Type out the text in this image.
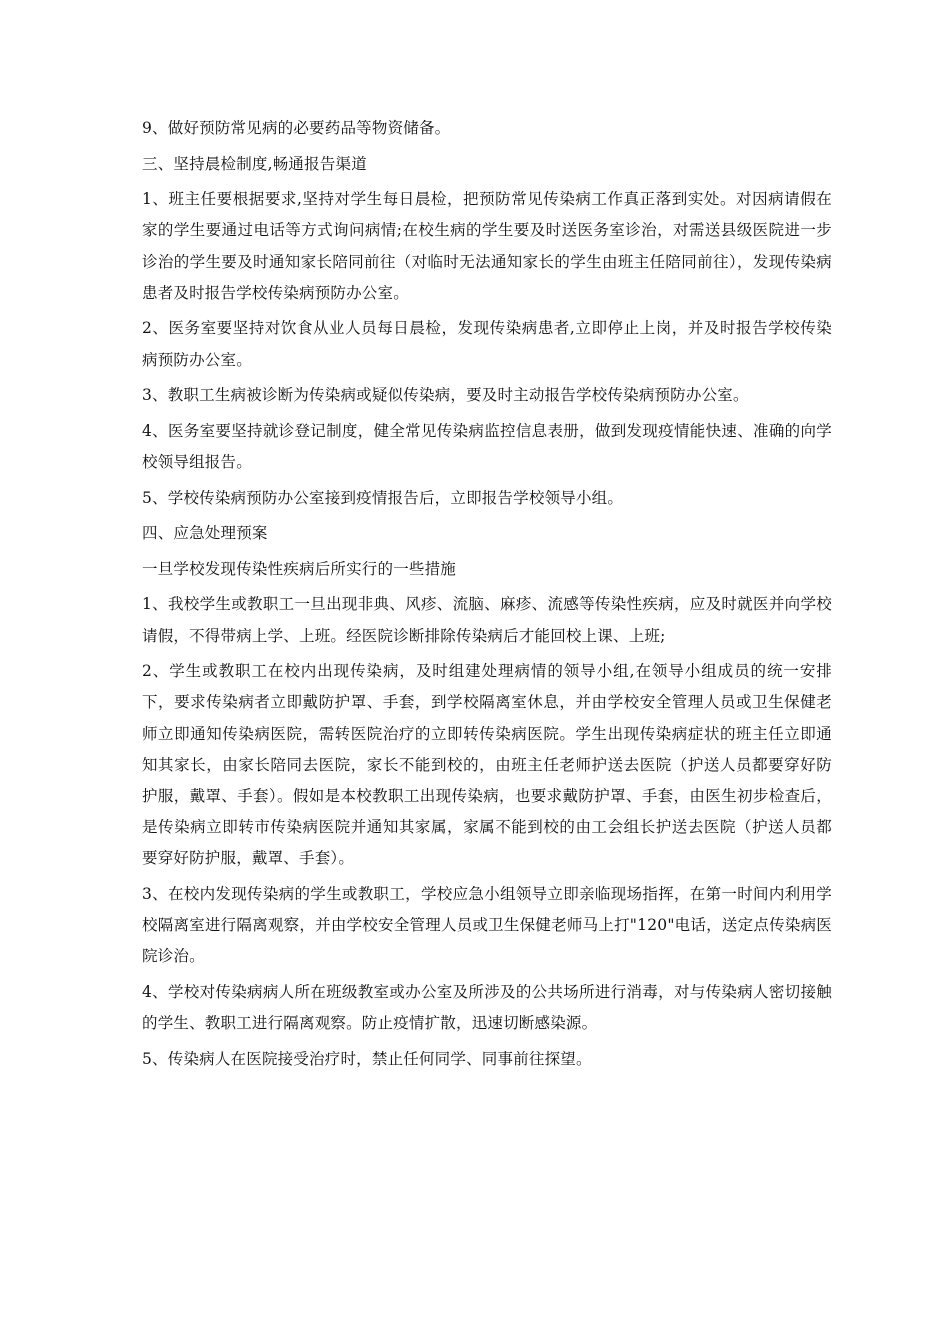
9、做好预防常见病的必要药品等物资储备。

三、坚持晨检制度,畅通报告渠道

1、班主任要根据要求,坚持对学生每日晨检，把预防常见传染病工作真正落到实处。对因病请假在家的学生要通过电话等方式询问病情;在校生病的学生要及时送医务室诊治，对需送县级医院进一步诊治的学生要及时通知家长陪同前往（对临时无法通知家长的学生由班主任陪同前往），发现传染病患者及时报告学校传染病预防办公室。

2、医务室要坚持对饮食从业人员每日晨检，发现传染病患者,立即停止上岗，并及时报告学校传染病预防办公室。

3、教职工生病被诊断为传染病或疑似传染病，要及时主动报告学校传染病预防办公室。

4、医务室要坚持就诊登记制度，健全常见传染病监控信息表册，做到发现疫情能快速、准确的向学校领导组报告。

5、学校传染病预防办公室接到疫情报告后，立即报告学校领导小组。

四、应急处理预案

一旦学校发现传染性疾病后所实行的一些措施

1、我校学生或教职工一旦出现非典、风疹、流脑、麻疹、流感等传染性疾病，应及时就医并向学校请假，不得带病上学、上班。经医院诊断排除传染病后才能回校上课、上班;

2、学生或教职工在校内出现传染病，及时组建处理病情的领导小组,在领导小组成员的统一安排下，要求传染病者立即戴防护罩、手套，到学校隔离室休息，并由学校安全管理人员或卫生保健老师立即通知传染病医院，需转医院治疗的立即转传染病医院。学生出现传染病症状的班主任立即通知其家长，由家长陪同去医院，家长不能到校的，由班主任老师护送去医院（护送人员都要穿好防护服，戴罩、手套）。假如是本校教职工出现传染病，也要求戴防护罩、手套，由医生初步检查后，是传染病立即转市传染病医院并通知其家属，家属不能到校的由工会组长护送去医院（护送人员都要穿好防护服，戴罩、手套）。

3、在校内发现传染病的学生或教职工，学校应急小组领导立即亲临现场指挥，在第一时间内利用学校隔离室进行隔离观察，并由学校安全管理人员或卫生保健老师马上打"120"电话，送定点传染病医院诊治。

4、学校对传染病病人所在班级教室或办公室及所涉及的公共场所进行消毒，对与传染病人密切接触的学生、教职工进行隔离观察。防止疫情扩散，迅速切断感染源。

5、传染病人在医院接受治疗时，禁止任何同学、同事前往探望。
